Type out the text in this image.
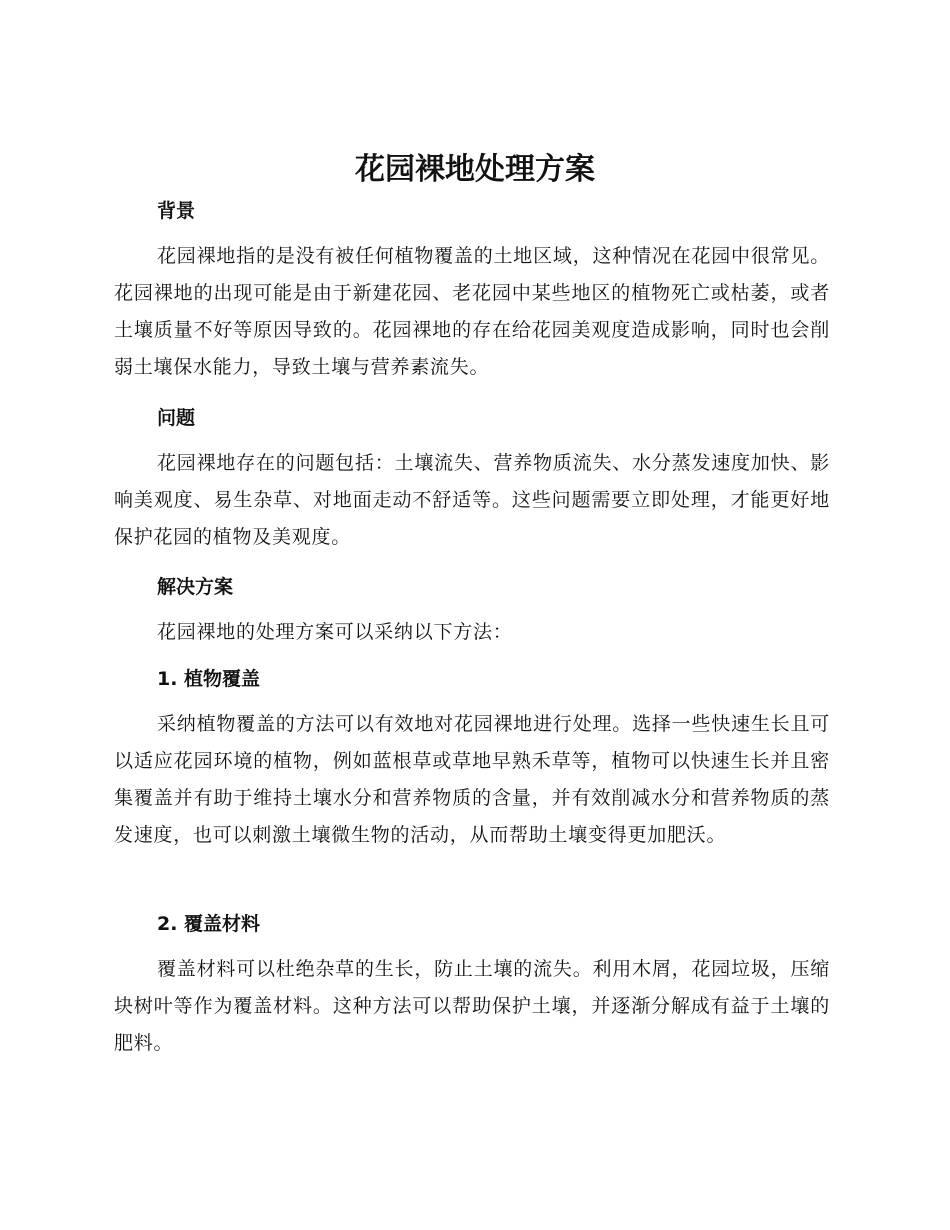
花园裸地处理方案
背景

花园裸地指的是没有被任何植物覆盖的土地区域，这种情况在花园中很常见。花园裸地的出现可能是由于新建花园、老花园中某些地区的植物死亡或枯萎，或者土壤质量不好等原因导致的。花园裸地的存在给花园美观度造成影响，同时也会削弱土壤保水能力，导致土壤与营养素流失。

问题

花园裸地存在的问题包括：土壤流失、营养物质流失、水分蒸发速度加快、影响美观度、易生杂草、对地面走动不舒适等。这些问题需要立即处理，才能更好地保护花园的植物及美观度。

解决方案

花园裸地的处理方案可以采纳以下方法：

1. 植物覆盖

采纳植物覆盖的方法可以有效地对花园裸地进行处理。选择一些快速生长且可以适应花园环境的植物，例如蓝根草或草地早熟禾草等，植物可以快速生长并且密集覆盖并有助于维持土壤水分和营养物质的含量，并有效削减水分和营养物质的蒸发速度，也可以刺激土壤微生物的活动，从而帮助土壤变得更加肥沃。

2. 覆盖材料

覆盖材料可以杜绝杂草的生长，防止土壤的流失。利用木屑，花园垃圾，压缩块树叶等作为覆盖材料。这种方法可以帮助保护土壤，并逐渐分解成有益于土壤的肥料。
